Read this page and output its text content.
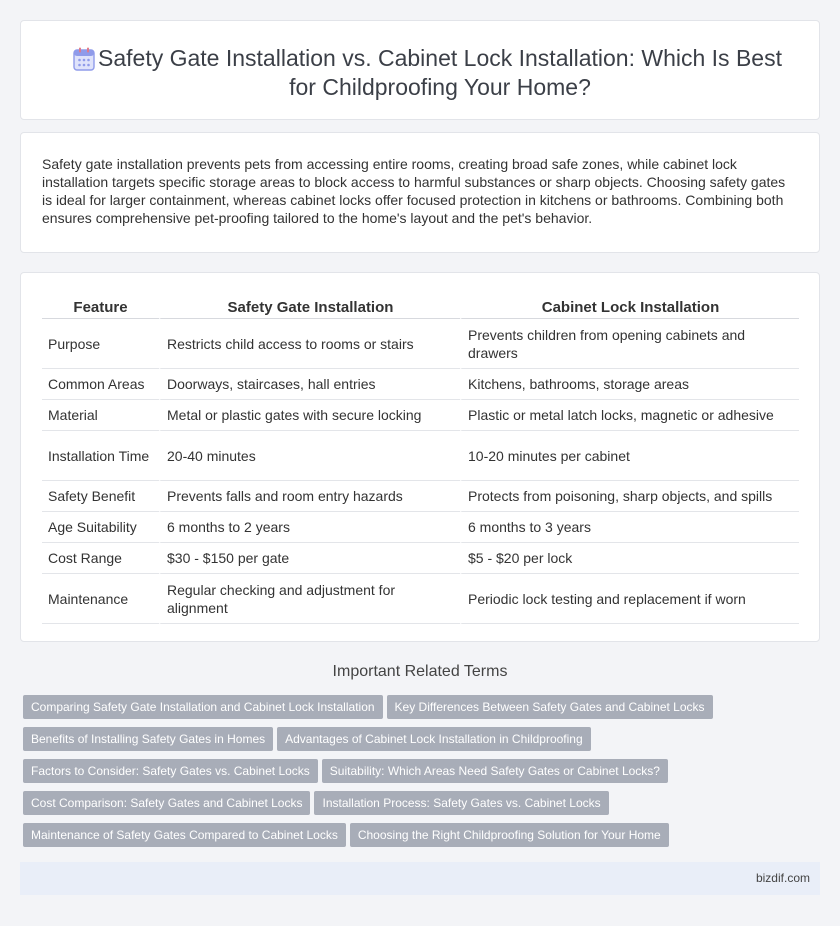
Safety Gate Installation vs. Cabinet Lock Installation: Which Is Best for Childproofing Your Home?

Safety gate installation prevents pets from accessing entire rooms, creating broad safe zones, while cabinet lock installation targets specific storage areas to block access to harmful substances or sharp objects. Choosing safety gates is ideal for larger containment, whereas cabinet locks offer focused protection in kitchens or bathrooms. Combining both ensures comprehensive pet-proofing tailored to the home's layout and the pet's behavior.

Feature	Safety Gate Installation	Cabinet Lock Installation
Purpose	Restricts child access to rooms or stairs	Prevents children from opening cabinets and drawers
Common Areas	Doorways, staircases, hall entries	Kitchens, bathrooms, storage areas
Material	Metal or plastic gates with secure locking	Plastic or metal latch locks, magnetic or adhesive
Installation Time	20-40 minutes	10-20 minutes per cabinet
Safety Benefit	Prevents falls and room entry hazards	Protects from poisoning, sharp objects, and spills
Age Suitability	6 months to 2 years	6 months to 3 years
Cost Range	$30 - $150 per gate	$5 - $20 per lock
Maintenance	Regular checking and adjustment for alignment	Periodic lock testing and replacement if worn
Important Related Terms
Comparing Safety Gate Installation and Cabinet Lock Installation Key Differences Between Safety Gates and Cabinet Locks
Benefits of Installing Safety Gates in Homes Advantages of Cabinet Lock Installation in Childproofing
Factors to Consider: Safety Gates vs. Cabinet Locks Suitability: Which Areas Need Safety Gates or Cabinet Locks?
Cost Comparison: Safety Gates and Cabinet Locks Installation Process: Safety Gates vs. Cabinet Locks
Maintenance of Safety Gates Compared to Cabinet Locks Choosing the Right Childproofing Solution for Your Home
bizdif.com
